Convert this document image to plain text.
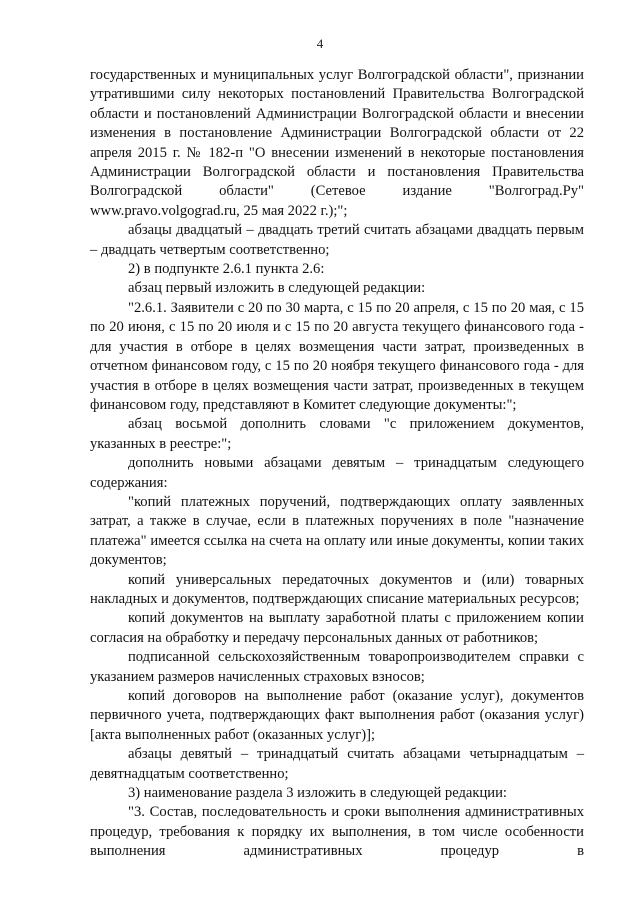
4

государственных и муниципальных услуг Волгоградской области", признании утратившими силу некоторых постановлений Правительства Волгоградской области и постановлений Администрации Волгоградской области и внесении изменения в постановление Администрации Волгоградской области от 22 апреля 2015 г. № 182-п "О внесении изменений в некоторые постановления Администрации Волгоградской области и постановления Правительства Волгоградской области" (Сетевое издание "Волгоград.Ру" www.pravo.volgograd.ru, 25 мая 2022 г.);";

абзацы двадцатый – двадцать третий считать абзацами двадцать первым – двадцать четвертым соответственно;

2) в подпункте 2.6.1 пункта 2.6:

абзац первый изложить в следующей редакции:

"2.6.1. Заявители с 20 по 30 марта, с 15 по 20 апреля, с 15 по 20 мая, с 15 по 20 июня, с 15 по 20 июля и с 15 по 20 августа текущего финансового года - для участия в отборе в целях возмещения части затрат, произведенных в отчетном финансовом году, с 15 по 20 ноября текущего финансового года - для участия в отборе в целях возмещения части затрат, произведенных в текущем финансовом году, представляют в Комитет следующие документы:";

абзац восьмой дополнить словами "с приложением документов, указанных в реестре:";

дополнить новыми абзацами девятым – тринадцатым следующего содержания:

"копий платежных поручений, подтверждающих оплату заявленных затрат, а также в случае, если в платежных поручениях в поле "назначение платежа" имеется ссылка на счета на оплату или иные документы, копии таких документов;

копий универсальных передаточных документов и (или) товарных накладных и документов, подтверждающих списание материальных ресурсов;

копий документов на выплату заработной платы с приложением копии согласия на обработку и передачу персональных данных от работников;

подписанной сельскохозяйственным товаропроизводителем справки с указанием размеров начисленных страховых взносов;

копий договоров на выполнение работ (оказание услуг), документов первичного учета, подтверждающих факт выполнения работ (оказания услуг) [акта выполненных работ (оказанных услуг)];

абзацы девятый – тринадцатый считать абзацами четырнадцатым – девятнадцатым соответственно;

3) наименование раздела 3 изложить в следующей редакции:

"3. Состав, последовательность и сроки выполнения административных процедур, требования к порядку их выполнения, в том числе особенности выполнения административных процедур в
